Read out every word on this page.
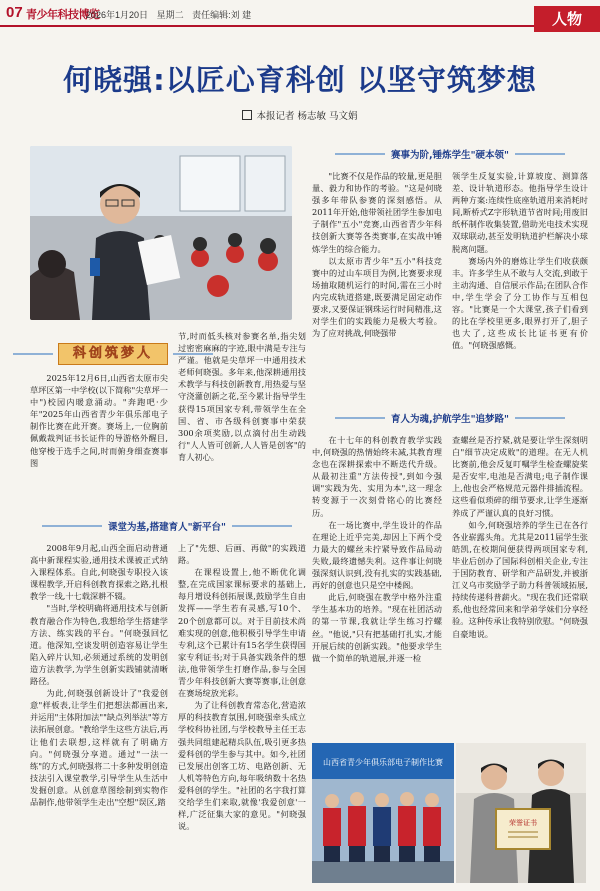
07 青少年科技博览
2026年1月20日 星期二 责任编辑:刘 建	人物
何晓强:以匠心育科创 以坚守筑梦想
本报记者 杨志敏 马文娟
科创筑梦人

2025年12月6日,山西省太原市尖草坪区第一中学校(以下简称"尖草坪一中")校园内暖意涌动。"奔跑吧·少年"2025年山西省青少年俱乐部电子制作比赛在此开赛。赛场上,一位胸前佩戴裁判证书长证件的导游格外醒目,他穿梭于选手之间,时而俯身细查赛事图

节,时而低头核对参赛名单,指尖划过密密麻麻的字迹,眼中满是专注与严谨。他就是尖草坪一中通用技术老师何晓强。多年来,他深耕通用技术教学与科技创新教育,用热爱与坚守浇灌创新之花,至今累计指导学生获得15项国家专利,带领学生在全国、省、市各级科创赛事中荣获300余项奖励,以点滴付出生动践行"人人皆可创新,人人皆是创客"的育人初心。

课堂为基,搭建育人"新平台"

2008年9月起,山西全面启动普通高中新课程实验,通用技术课被正式纳入课程体系。自此,何晓强专职投入该课程教学,开启科创教育探索之路,扎根教学一线,十七载深耕不辍。

"当时,学校明确将通用技术与创新教育融合作为特色,我想给学生搭建学方法、练实践的平台。"何晓强回忆道。他深知,空谈发明创造容易让学生陷入碎片认知,必须通过系统的发明创造方法教学,为学生创新实践铺就清晰路径。

为此,何晓强创新设计了"我爱创意"样板表,让学生们把想法都画出来,并运用"主体附加法""缺点列举法"等方法拓展创意。"教给学生这些方法后,再让他们去联想,这样就有了明确方向。"何晓强分享道。通过"一法一练"的方式,何晓强将二十多种发明创造技法引入课堂教学,引导学生从生活中发掘创意。从创意草图绘制到实物作品制作,他带领学生走出"空想"误区,踏

上了"先想、后画、再做"的实践道路。

在课程设置上,他不断优化调整,在完成国家课标要求的基础上,每月增设科创拓展课,鼓励学生自由发挥——学生若有灵感,写10个、20个创意都可以。对于目前技术尚难实现的创意,他积极引导学生申请专利,这个已累计有15名学生获得国家专利证书;对于具备实践条件的想法,他带领学生打磨作品,参与全国青少年科技创新大赛等赛事,让创意在赛场绽放光彩。

为了让科创教育常态化,营造浓厚的科技教育氛围,何晓强牵头成立学校科协社团,与学校教导主任王志强共同组建起精兵队伍,吸引更多热爱科创的学生参与其中。如今,社团已发展出创客工坊、电路创新、无人机等特色方向,每年吸纳数十名热爱科创的学生。"社团的名字我打算交给学生们来取,就像'我爱创意'一样,广泛征集大家的意见。"何晓强说。

赛事为阶,锤炼学生"硬本领"

"比赛不仅是作品的较量,更是胆量、毅力和协作的考验。"这是何晓强多年带队参赛的深刻感悟。从2011年开始,他带领社团学生参加电子制作"五小"竞赛,山西省青少年科技创新大赛等各类赛事,在实战中锤炼学生的综合能力。

以太原市青少年"五小"科技竞赛中的过山车项目为例,比赛要求现场抽取随机运行的时间,需在三小时内完成轨道搭建,既要满足固定动作要求,又要保证钢珠运行时间精准,这对学生们的实践能力是极大考验。为了应对挑战,何晓强带

领学生反复实验,计算坡度、测算落差、设计轨道形态。他指导学生设计两种方案:连续性底座轨道用来消耗时间,断桥式Z字形轨道节省时间;用废旧纸杯制作收集装置,借助光电技术实现双球联动,甚至发明轨道护栏解决小球脱离问题。

赛场内外的磨炼让学生们收获颇丰。许多学生从不敢与人交流,到敢于主动沟通、自信展示作品;在团队合作中,学生学会了分工协作与互相包容。"比赛是一个大课堂,孩子们看到的比在学校里更多,眼界打开了,胆子也大了,这些成长比证书更有价值。"何晓强感慨。

育人为魂,护航学生"追梦路"

在十七年的科创教育教学实践中,何晓强的热情始终未减,其教育理念也在深耕探索中不断迭代升级。从最初注重"方法传授",到如今强调"实践为先、实用为本",这一理念转变源于一次刻骨铭心的比赛经历。

在一场比赛中,学生设计的作品在理论上近乎完美,却因上下两个受力最大的螺丝未拧紧导致作品局动失败,最终遗憾失利。这件事让何晓强深刻认识到,没有扎实的实践基础,再好的创意也只是空中楼阁。

此后,何晓强在教学中格外注重学生基本功的培养。"现在社团活动的第一节课,我就让学生练习拧螺丝。"他说,"只有把基础打扎实,才能开展后续的创新实践。"他要求学生做一个简单的轨道展,并逐一检

查螺丝是否拧紧,就是要让学生深刻明白"细节决定成败"的道理。在无人机比赛前,他会反复叮嘱学生检查螺旋桨是否安牢,电池是否满电;电子制作课上,他也会严格规范元器件排插流程。这些看似琐碎的细节要求,让学生逐渐养成了严谨认真的良好习惯。

如今,何晓强培养的学生已在各行各业崭露头角。尤其是2011届学生张皓凯,在校期间便获得两项国家专利,毕业后创办了国际科创相关企业,专注于国防教育、研学和产品研发,并被浙江义乌市奖励学子助力科普领域拓展,持续传递科普薪火。"现在我们还常联系,他也经常回来和学弟学妹们分享经验。这种传承让我特别欣慰。"何晓强自豪地说。

山西省青少年俱乐部电子制作比赛
荣誉证书
